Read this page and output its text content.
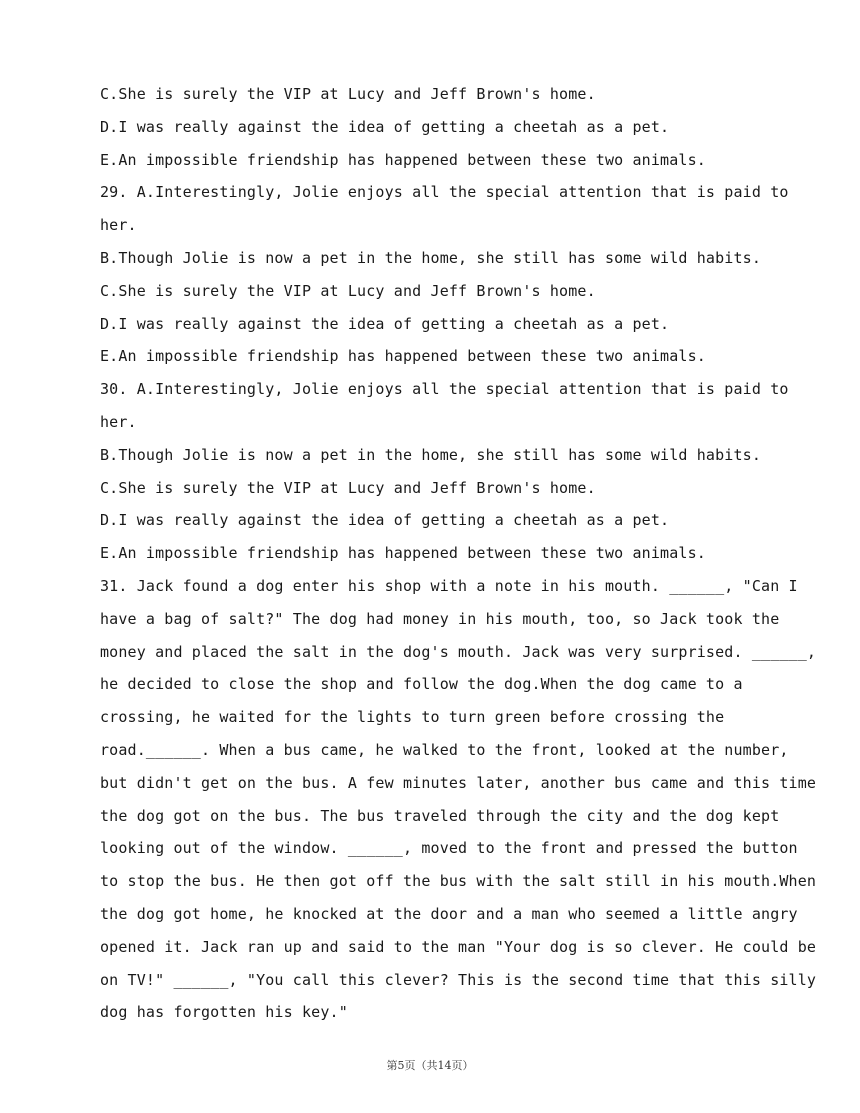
C.She is surely the VIP at Lucy and Jeff Brown's home.
D.I was really against the idea of getting a cheetah as a pet.
E.An impossible friendship has happened between these two animals.
29. A.Interestingly, Jolie enjoys all the special attention that is paid to
her.
B.Though Jolie is now a pet in the home, she still has some wild habits.
C.She is surely the VIP at Lucy and Jeff Brown's home.
D.I was really against the idea of getting a cheetah as a pet.
E.An impossible friendship has happened between these two animals.
30. A.Interestingly, Jolie enjoys all the special attention that is paid to
her.
B.Though Jolie is now a pet in the home, she still has some wild habits.
C.She is surely the VIP at Lucy and Jeff Brown's home.
D.I was really against the idea of getting a cheetah as a pet.
E.An impossible friendship has happened between these two animals.
31. Jack found a dog enter his shop with a note in his mouth. ______, "Can I
have a bag of salt?" The dog had money in his mouth, too, so Jack took the
money and placed the salt in the dog's mouth. Jack was very surprised. ______,
he decided to close the shop and follow the dog.When the dog came to a
crossing, he waited for the lights to turn green before crossing the
road.______. When a bus came, he walked to the front, looked at the number,
but didn't get on the bus. A few minutes later, another bus came and this time
the dog got on the bus. The bus traveled through the city and the dog kept
looking out of the window. ______, moved to the front and pressed the button
to stop the bus. He then got off the bus with the salt still in his mouth.When
the dog got home, he knocked at the door and a man who seemed a little angry
opened it. Jack ran up and said to the man "Your dog is so clever. He could be
on TV!" ______, "You call this clever? This is the second time that this silly
dog has forgotten his key."
第5页（共14页）
